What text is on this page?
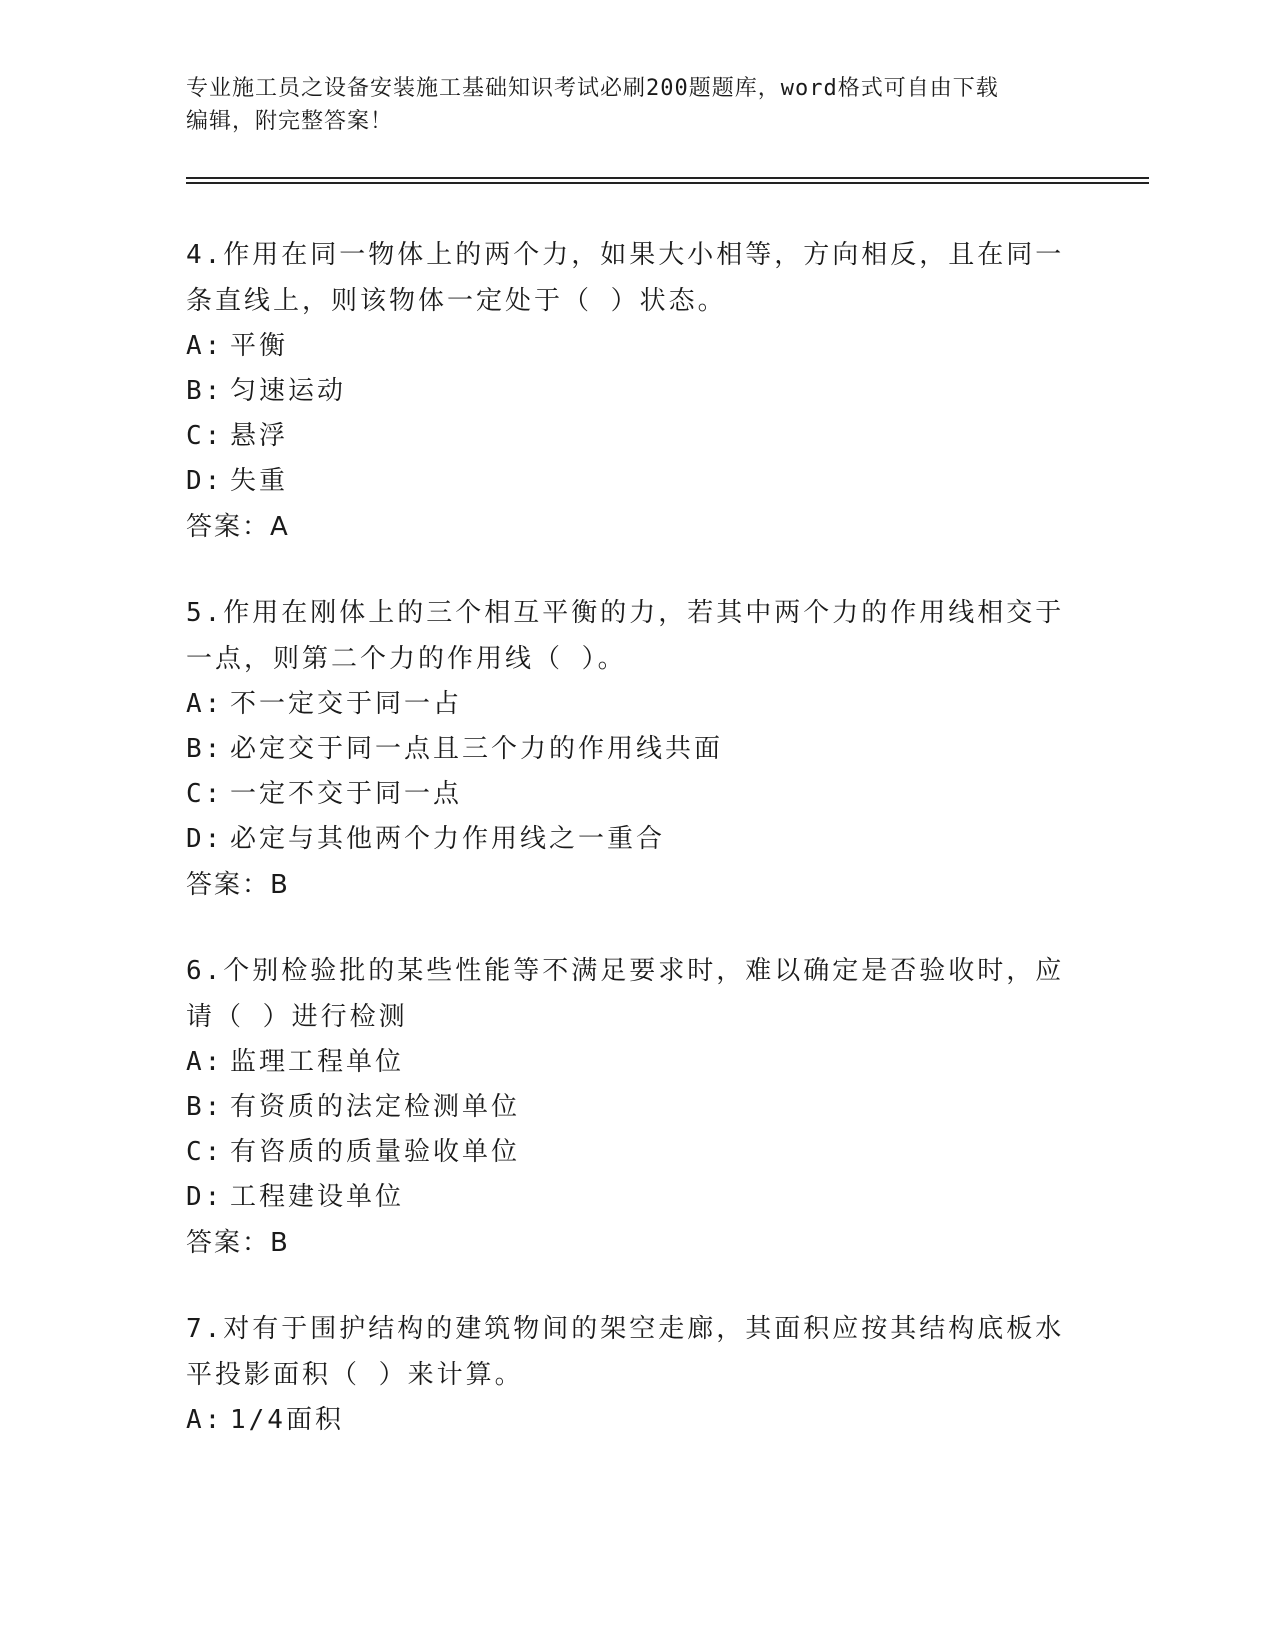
专业施工员之设备安装施工基础知识考试必刷200题题库，word格式可自由下载
编辑，附完整答案！

4.作用在同一物体上的两个力，如果大小相等，方向相反，且在同一

条直线上，则该物体一定处于（ ）状态。

A: 平衡

B: 匀速运动

C: 悬浮

D: 失重

答案：A

5.作用在刚体上的三个相互平衡的力，若其中两个力的作用线相交于

一点，则第二个力的作用线（ ）。

A: 不一定交于同一占

B: 必定交于同一点且三个力的作用线共面

C: 一定不交于同一点

D: 必定与其他两个力作用线之一重合

答案：B

6.个别检验批的某些性能等不满足要求时，难以确定是否验收时，应

请（ ）进行检测

A: 监理工程单位

B: 有资质的法定检测单位

C: 有咨质的质量验收单位

D: 工程建设单位

答案：B

7.对有于围护结构的建筑物间的架空走廊，其面积应按其结构底板水

平投影面积（ ）来计算。

A: 1/4面积
